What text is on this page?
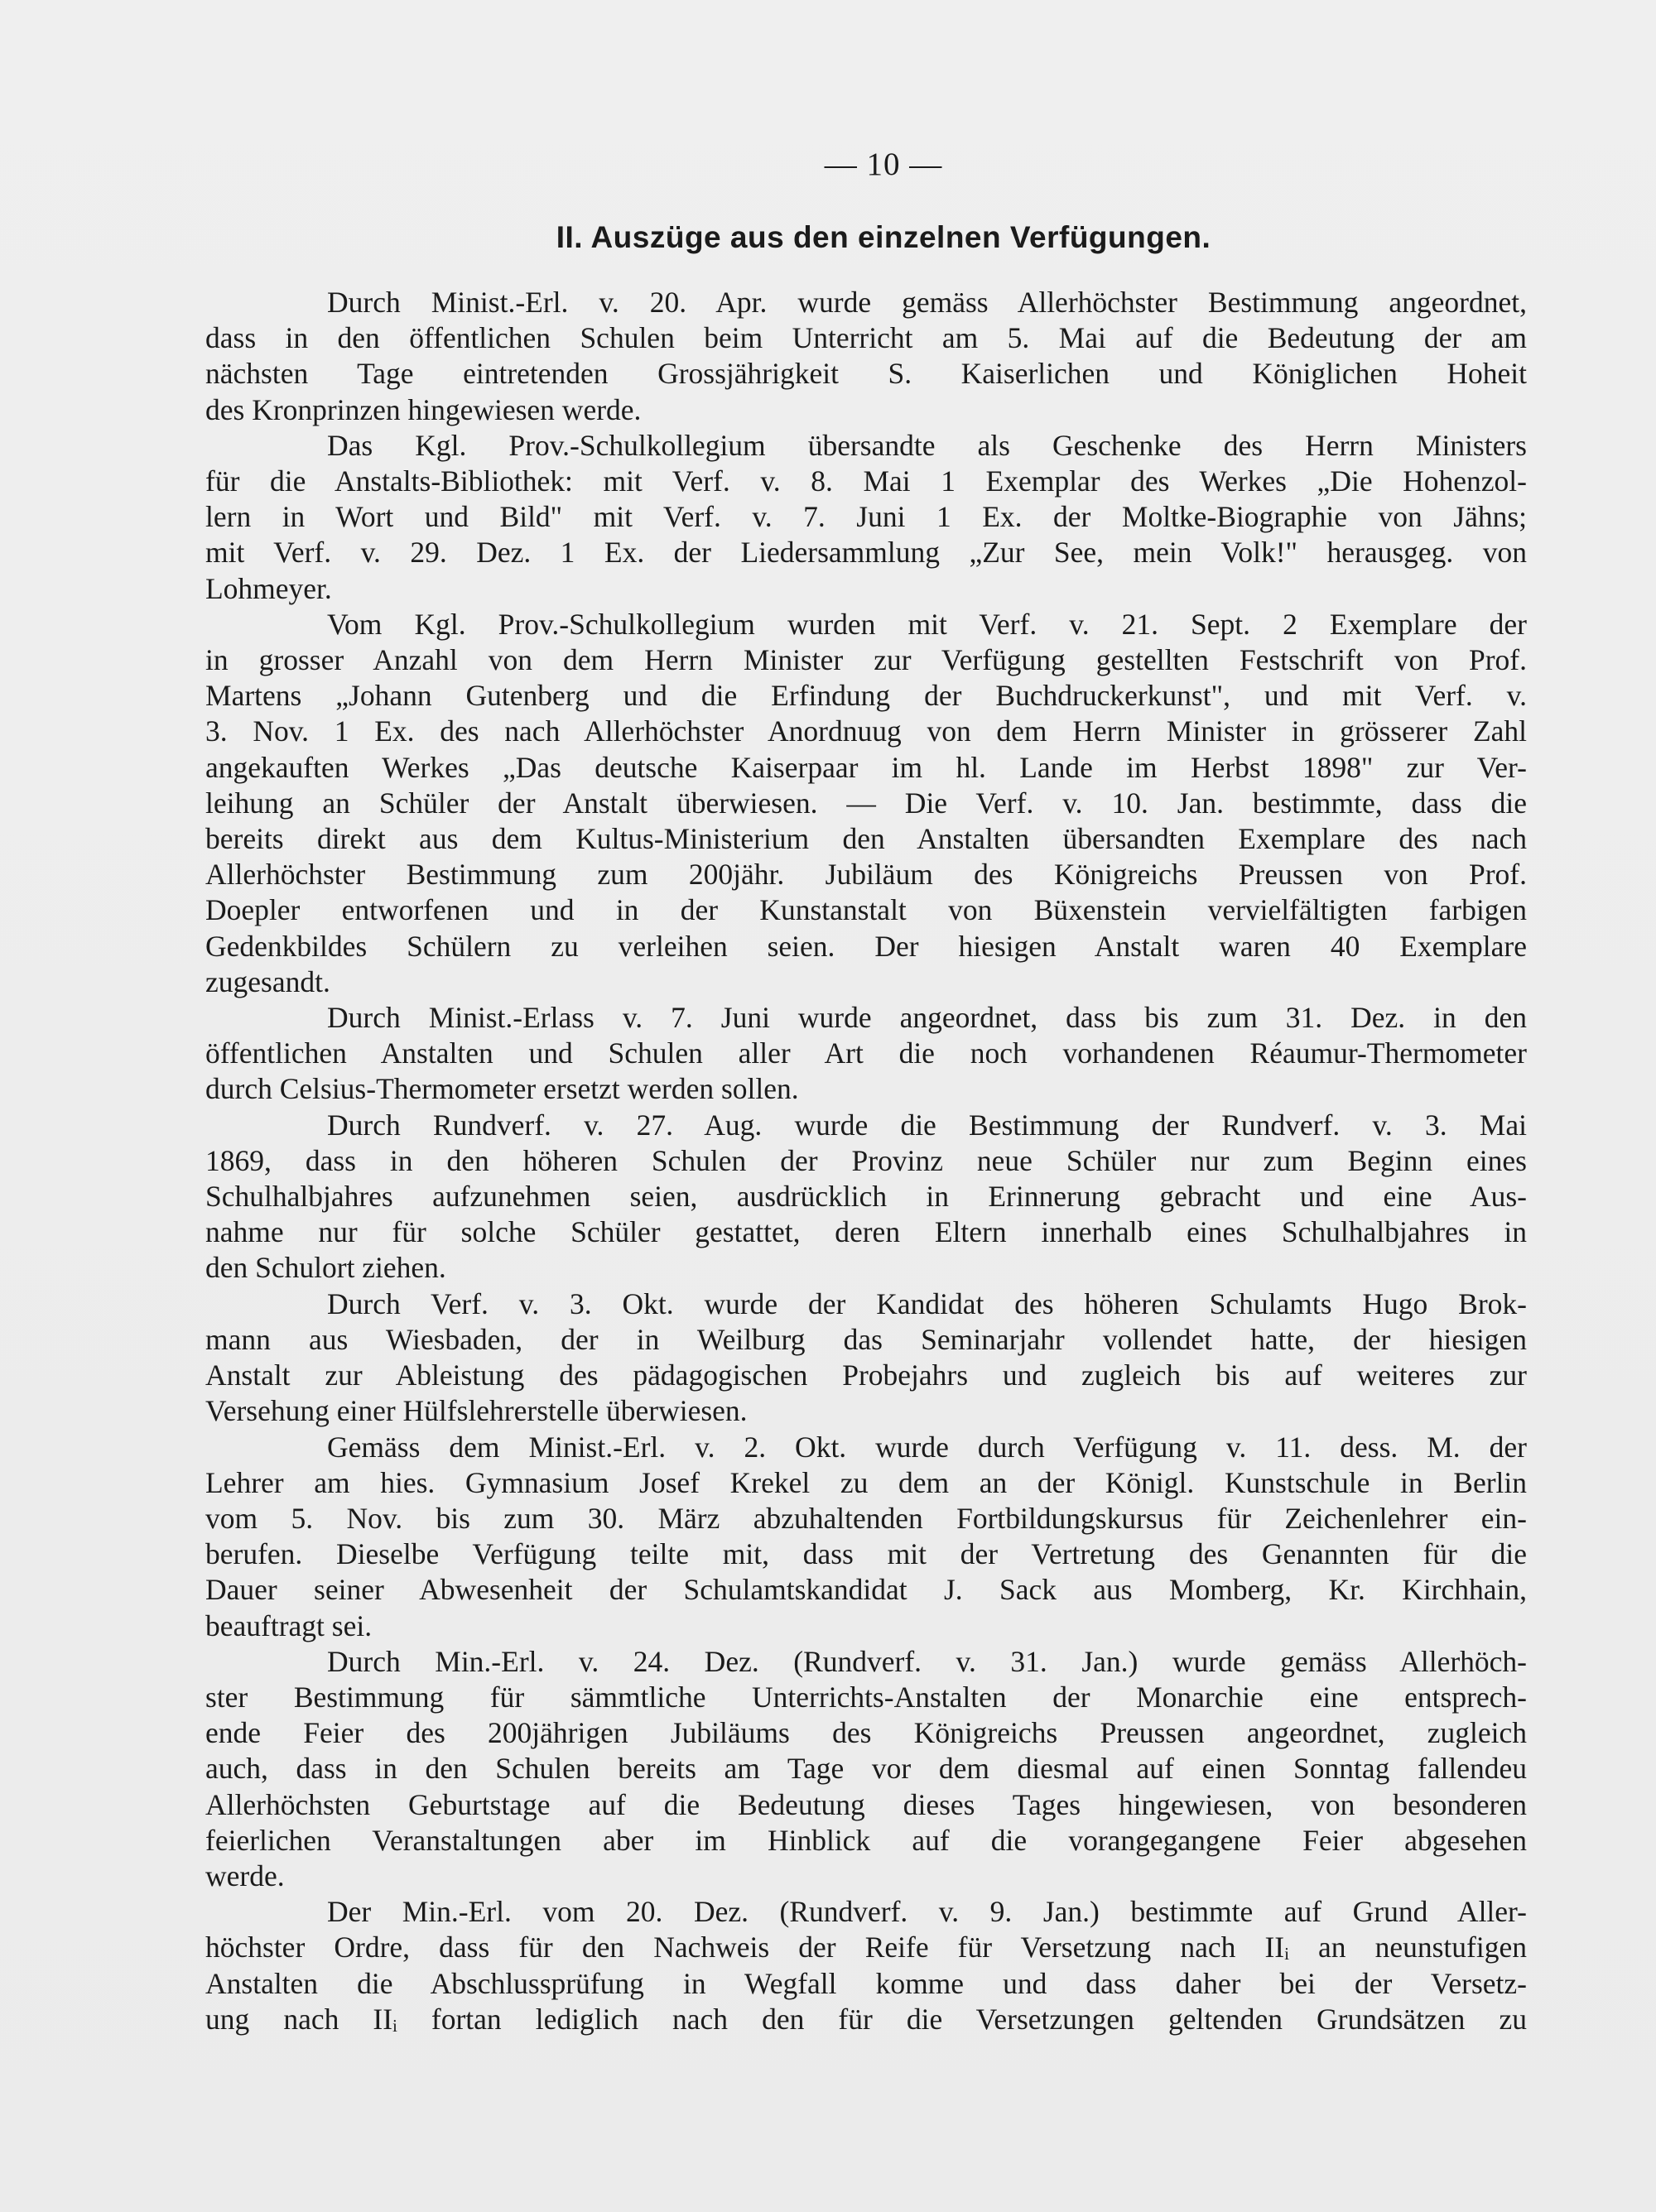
— 10 —
II. Auszüge aus den einzelnen Verfügungen.
Durch Minist.-Erl. v. 20. Apr. wurde gemäss Allerhöchster Bestimmung angeordnet,
dass in den öffentlichen Schulen beim Unterricht am 5. Mai auf die Bedeutung der am
nächsten Tage eintretenden Grossjährigkeit S. Kaiserlichen und Königlichen Hoheit
des Kronprinzen hingewiesen werde.
Das Kgl. Prov.-Schulkollegium übersandte als Geschenke des Herrn Ministers
für die Anstalts-Bibliothek: mit Verf. v. 8. Mai 1 Exemplar des Werkes „Die Hohenzol-
lern in Wort und Bild" mit Verf. v. 7. Juni 1 Ex. der Moltke-Biographie von Jähns;
mit Verf. v. 29. Dez. 1 Ex. der Liedersammlung „Zur See, mein Volk!" herausgeg. von
Lohmeyer.
Vom Kgl. Prov.-Schulkollegium wurden mit Verf. v. 21. Sept. 2 Exemplare der
in grosser Anzahl von dem Herrn Minister zur Verfügung gestellten Festschrift von Prof.
Martens „Johann Gutenberg und die Erfindung der Buchdruckerkunst", und mit Verf. v.
3. Nov. 1 Ex. des nach Allerhöchster Anordnuug von dem Herrn Minister in grösserer Zahl
angekauften Werkes „Das deutsche Kaiserpaar im hl. Lande im Herbst 1898" zur Ver-
leihung an Schüler der Anstalt überwiesen. — Die Verf. v. 10. Jan. bestimmte, dass die
bereits direkt aus dem Kultus-Ministerium den Anstalten übersandten Exemplare des nach
Allerhöchster Bestimmung zum 200jähr. Jubiläum des Königreichs Preussen von Prof.
Doepler entworfenen und in der Kunstanstalt von Büxenstein vervielfältigten farbigen
Gedenkbildes Schülern zu verleihen seien. Der hiesigen Anstalt waren 40 Exemplare
zugesandt.
Durch Minist.-Erlass v. 7. Juni wurde angeordnet, dass bis zum 31. Dez. in den
öffentlichen Anstalten und Schulen aller Art die noch vorhandenen Réaumur-Thermometer
durch Celsius-Thermometer ersetzt werden sollen.
Durch Rundverf. v. 27. Aug. wurde die Bestimmung der Rundverf. v. 3. Mai
1869, dass in den höheren Schulen der Provinz neue Schüler nur zum Beginn eines
Schulhalbjahres aufzunehmen seien, ausdrücklich in Erinnerung gebracht und eine Aus-
nahme nur für solche Schüler gestattet, deren Eltern innerhalb eines Schulhalbjahres in
den Schulort ziehen.
Durch Verf. v. 3. Okt. wurde der Kandidat des höheren Schulamts Hugo Brok-
mann aus Wiesbaden, der in Weilburg das Seminarjahr vollendet hatte, der hiesigen
Anstalt zur Ableistung des pädagogischen Probejahrs und zugleich bis auf weiteres zur
Versehung einer Hülfslehrerstelle überwiesen.
Gemäss dem Minist.-Erl. v. 2. Okt. wurde durch Verfügung v. 11. dess. M. der
Lehrer am hies. Gymnasium Josef Krekel zu dem an der Königl. Kunstschule in Berlin
vom 5. Nov. bis zum 30. März abzuhaltenden Fortbildungskursus für Zeichenlehrer ein-
berufen. Dieselbe Verfügung teilte mit, dass mit der Vertretung des Genannten für die
Dauer seiner Abwesenheit der Schulamtskandidat J. Sack aus Momberg, Kr. Kirchhain,
beauftragt sei.
Durch Min.-Erl. v. 24. Dez. (Rundverf. v. 31. Jan.) wurde gemäss Allerhöch-
ster Bestimmung für sämmtliche Unterrichts-Anstalten der Monarchie eine entsprech-
ende Feier des 200jährigen Jubiläums des Königreichs Preussen angeordnet, zugleich
auch, dass in den Schulen bereits am Tage vor dem diesmal auf einen Sonntag fallendeu
Allerhöchsten Geburtstage auf die Bedeutung dieses Tages hingewiesen, von besonderen
feierlichen Veranstaltungen aber im Hinblick auf die vorangegangene Feier abgesehen
werde.
Der Min.-Erl. vom 20. Dez. (Rundverf. v. 9. Jan.) bestimmte auf Grund Aller-
höchster Ordre, dass für den Nachweis der Reife für Versetzung nach IIᵢ an neunstufigen
Anstalten die Abschlussprüfung in Wegfall komme und dass daher bei der Versetz-
ung nach IIᵢ fortan lediglich nach den für die Versetzungen geltenden Grundsätzen zu
